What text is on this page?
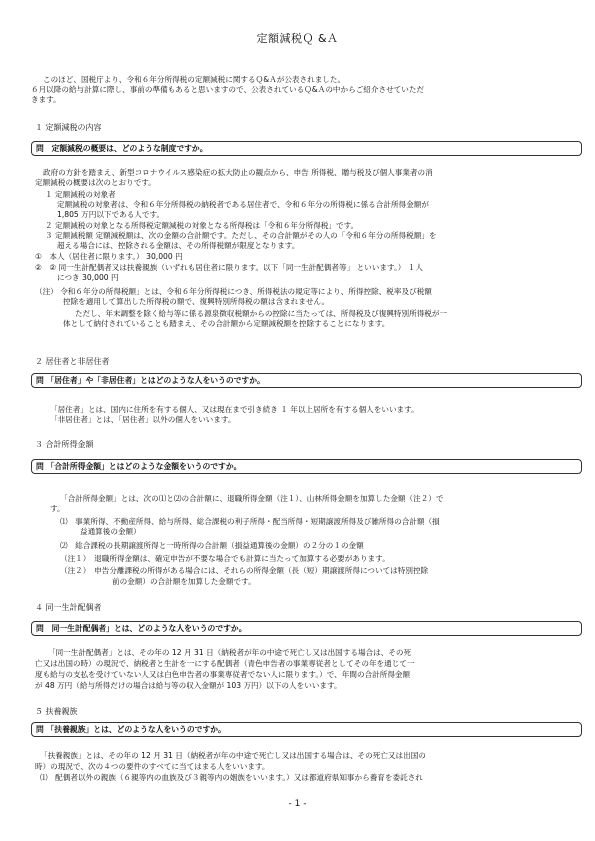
定額減税Ｑ &Ａ
このほど、国税庁より、令和６年分所得税の定額減税に関するＱ&Ａが公表されました。
６月以降の給与計算に際し、事前の準備もあると思いますので、公表されているＱ&Ａの中からご紹介させていただ
きます。
１ 定額減税の内容
問　定額減税の概要は、どのような制度ですか。
政府の方針を踏まえ、新型コロナウイルス感染症の拡大防止の観点から、申告 所得税、贈与税及び個人事業者の消
定額減税の概要は次のとおりです。
１ 定額減税の対象者
定額減税の対象者は、令和６年分所得税の納税者である居住者で、令和６年分の所得税に係る合計所得金額が
1,805 万円以下である人です。
２ 定額減税の対象となる所得税定額減税の対象となる所得税は「令和６年分所得税」です。
３ 定額減税額 定額減税額は、次の金額の合計額です。ただし、その合計額がその人の「令和６年分の所得税額」を
超える場合には、控除される金額は、その所得税額が限度となります。
①　本人（居住者に限ります。） 30,000 円
②　② 同一生計配偶者又は扶養親族（いずれも居住者に限ります。以下「同一生計配偶者等」 といいます。） １人
につき 30,000 円
（注） 令和６年分の所得税額」とは、令和６年分所得税につき、所得税法の規定等により、所得控除、税率及び税額
控除を適用して算出した所得税の額で、復興特別所得税の額は含まれません。
ただし、年末調整を除く給与等に係る源泉徴収税額からの控除に当たっては、所得税及び復興特別所得税が一
体として納付されていることも踏まえ、その合計額から定額減税額を控除することになります。
２ 居住者と非居住者
問 「居住者」や「非居住者」とはどのような人をいうのですか。
「居住者」とは、国内に住所を有する個人、又は現在まで引き続き １ 年以上居所を有する個人をいいます。
「非居住者」とは、「居住者」以外の個人をいいます。
３ 合計所得金額
問 「合計所得金額」とはどのような金額をいうのですか。
「合計所得金額」とは、次の⑴と⑵の合計額に、退職所得金額（注１）、山林所得金額を加算した金額（注２）で
す。
⑴　事業所得、不動産所得、給与所得、総合課税の利子所得・配当所得・短期譲渡所得及び雑所得の合計額（損
益通算後の金額）
⑵　総合課税の長期譲渡所得と一時所得の合計額（損益通算後の金額）の２分の１の金額
（注１）　退職所得金額は、確定申告が不要な場合でも計算に当たって加算する必要があります。
（注２）　申告分離課税の所得がある場合には、それらの所得金額（長（短）期譲渡所得については特別控除
前の金額）の合計額を加算した金額です。
４ 同一生計配偶者
問　同一生計配偶者」とは、どのような人をいうのですか。
「同一生計配偶者」とは、その年の 12 月 31 日（納税者が年の中途で死亡し又は出国する場合は、その死
亡又は出国の時）の現況で、納税者と生計を一にする配偶者（青色申告者の事業専従者としてその年を通じて一
度も給与の支払を受けていない人又は白色申告者の事業専従者でない人に限ります。）で、年間の合計所得金額
が 48 万円（給与所得だけの場合は給与等の収入金額が 103 万円）以下の人をいいます。
５ 扶養親族
問 「扶養親族」とは、どのような人をいうのですか。
「扶養親族」とは、その年の 12 月 31 日（納税者が年の中途で死亡し又は出国する場合は、その死亡又は出国の
時）の現況で、次の４つの要件のすべてに当てはまる人をいいます。
⑴　配偶者以外の親族（６親等内の血族及び３親等内の姻族をいいます。）又は都道府県知事から養育を委託され
- 1 -
